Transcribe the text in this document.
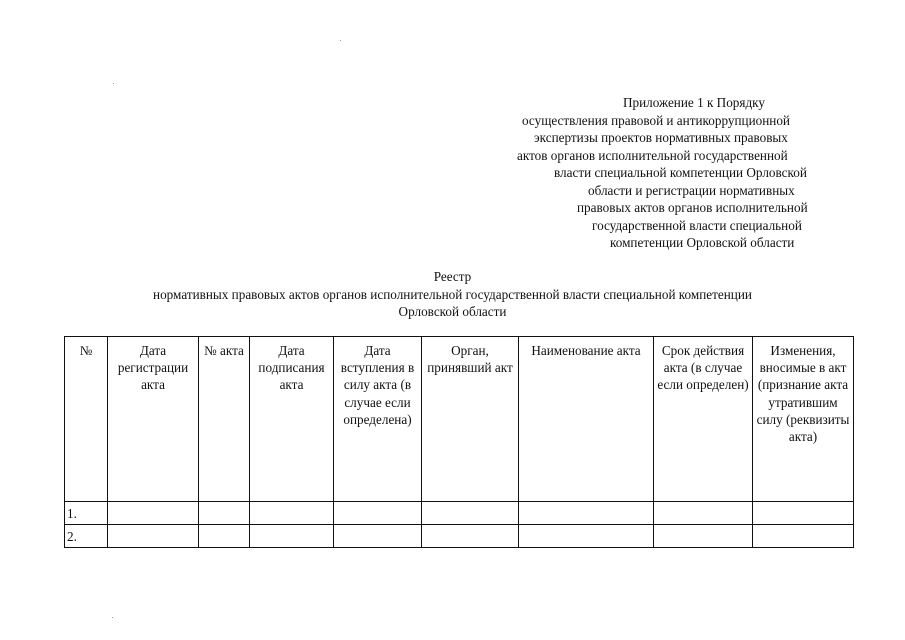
Приложение 1 к Порядку
осуществления правовой и антикоррупционной
экспертизы проектов нормативных правовых
актов органов исполнительной государственной
власти специальной компетенции Орловской
области и регистрации нормативных
правовых актов органов исполнительной
государственной власти специальной
компетенции Орловской области
Реестр
нормативных правовых актов органов исполнительной государственной власти специальной компетенции
Орловской области
№	Дата регистрации акта	№ акта	Дата подписания акта	Дата вступления в силу акта (в случае если определена)	Орган, принявший акт	Наименование акта	Срок действия акта (в случае если определен)	Изменения, вносимые в акт (признание акта утратившим силу (реквизиты акта)
1.								
2.								
